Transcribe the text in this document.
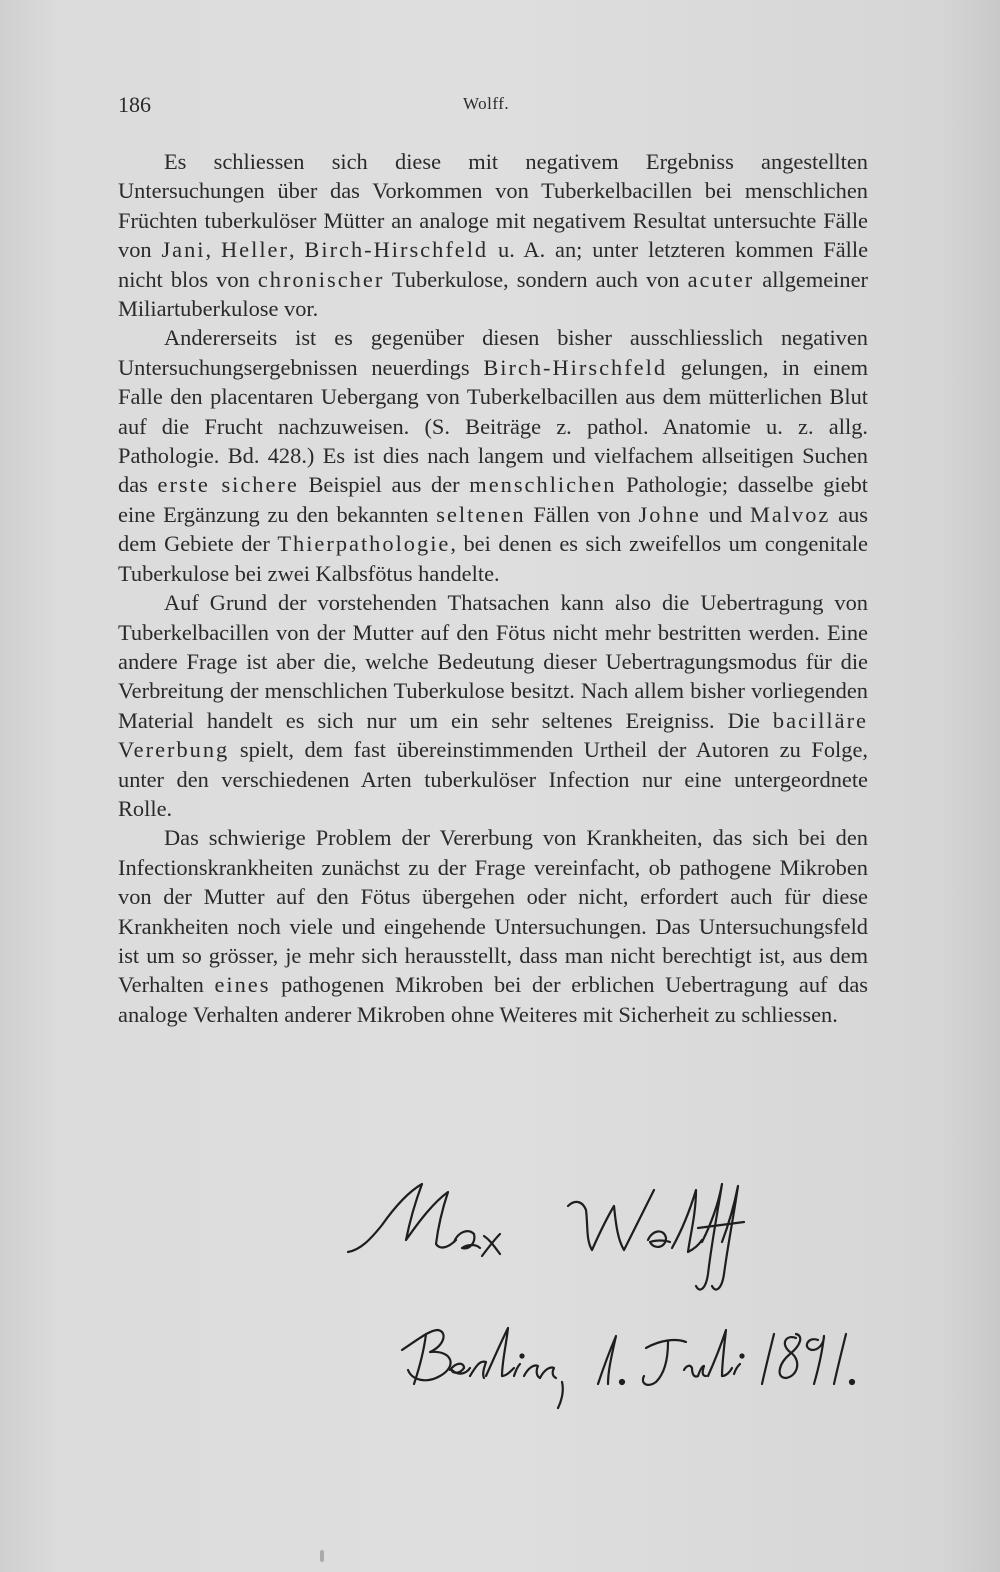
186	Wolff.

Es schliessen sich diese mit negativem Ergebniss angestellten Untersuchungen über das Vorkommen von Tuberkelbacillen bei menschlichen Früchten tuberkulöser Mütter an analoge mit negativem Resultat untersuchte Fälle von Jani, Heller, Birch-Hirschfeld u. A. an; unter letzteren kommen Fälle nicht blos von chronischer Tuberkulose, sondern auch von acuter allgemeiner Miliartuberkulose vor.

Andererseits ist es gegenüber diesen bisher ausschliesslich negativen Untersuchungsergebnissen neuerdings Birch-Hirschfeld gelungen, in einem Falle den placentaren Uebergang von Tuberkelbacillen aus dem mütterlichen Blut auf die Frucht nachzuweisen. (S. Beiträge z. pathol. Anatomie u. z. allg. Pathologie. Bd. 428.) Es ist dies nach langem und vielfachem allseitigen Suchen das erste sichere Beispiel aus der menschlichen Pathologie; dasselbe giebt eine Ergänzung zu den bekannten seltenen Fällen von Johne und Malvoz aus dem Gebiete der Thierpathologie, bei denen es sich zweifellos um congenitale Tuberkulose bei zwei Kalbsfötus handelte.

Auf Grund der vorstehenden Thatsachen kann also die Uebertragung von Tuberkelbacillen von der Mutter auf den Fötus nicht mehr bestritten werden. Eine andere Frage ist aber die, welche Bedeutung dieser Uebertragungsmodus für die Verbreitung der menschlichen Tuberkulose besitzt. Nach allem bisher vorliegenden Material handelt es sich nur um ein sehr seltenes Ereigniss. Die bacilläre Vererbung spielt, dem fast übereinstimmenden Urtheil der Autoren zu Folge, unter den verschiedenen Arten tuberkulöser Infection nur eine untergeordnete Rolle.

Das schwierige Problem der Vererbung von Krankheiten, das sich bei den Infectionskrankheiten zunächst zu der Frage vereinfacht, ob pathogene Mikroben von der Mutter auf den Fötus übergehen oder nicht, erfordert auch für diese Krankheiten noch viele und eingehende Untersuchungen. Das Untersuchungsfeld ist um so grösser, je mehr sich herausstellt, dass man nicht berechtigt ist, aus dem Verhalten eines pathogenen Mikroben bei der erblichen Uebertragung auf das analoge Verhalten anderer Mikroben ohne Weiteres mit Sicherheit zu schliessen.
